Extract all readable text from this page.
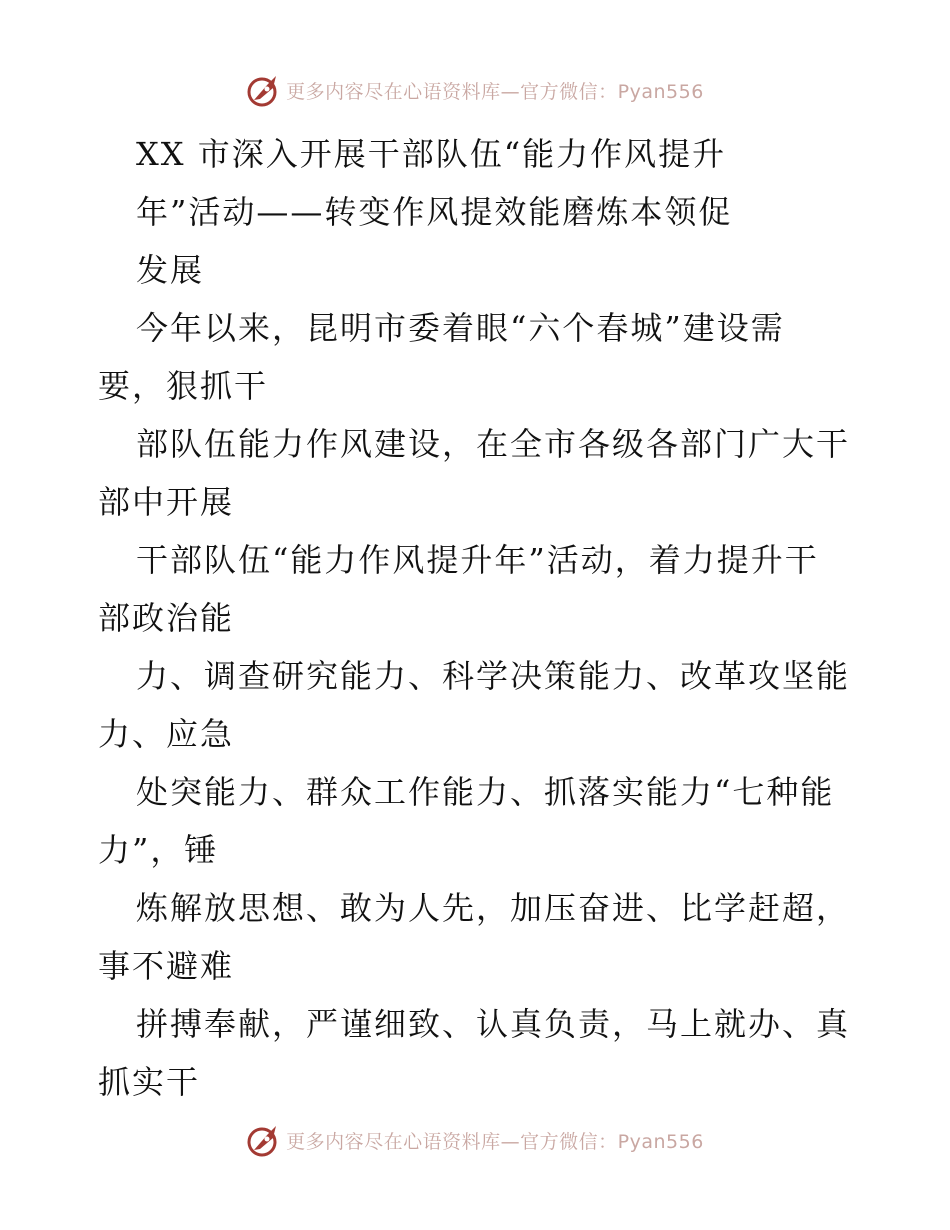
更多内容尽在心语资料库—官方微信：Pyan556
XX 市深入开展干部队伍“能力作风提升
年”活动——转变作风提效能磨炼本领促
发展
今年以来，昆明市委着眼“六个春城”建设需
要，狠抓干
部队伍能力作风建设，在全市各级各部门广大干
部中开展
干部队伍“能力作风提升年”活动，着力提升干
部政治能
力、调查研究能力、科学决策能力、改革攻坚能
力、应急
处突能力、群众工作能力、抓落实能力“七种能
力”，锤
炼解放思想、敢为人先，加压奋进、比学赶超，
事不避难
拼搏奉献，严谨细致、认真负责，马上就办、真
抓实干
更多内容尽在心语资料库—官方微信：Pyan556
